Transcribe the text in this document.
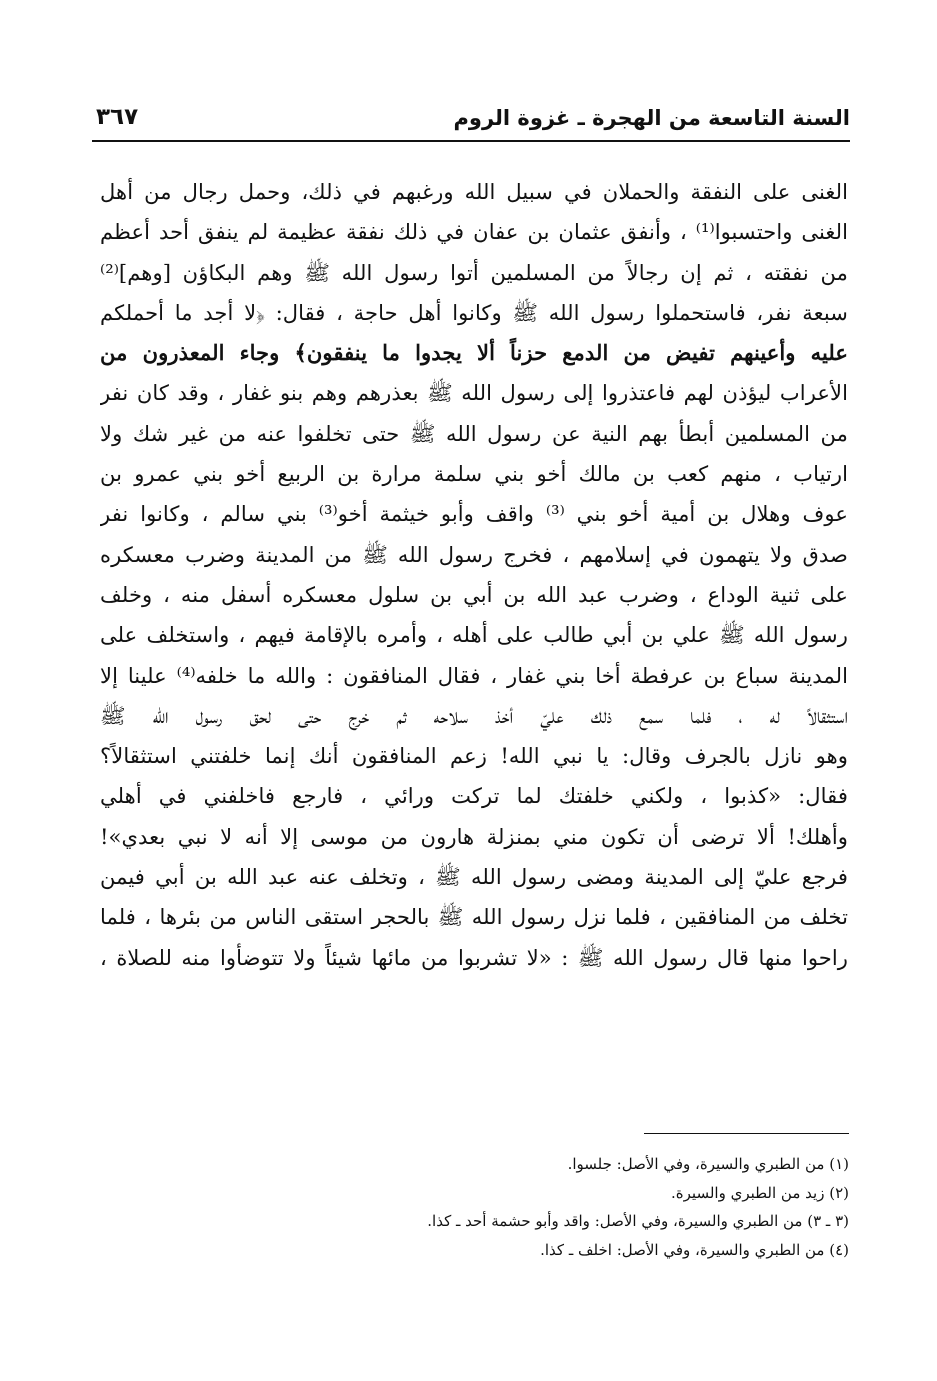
السنة التاسعة من الهجرة ـ غزوة الروم
٣٦٧
الغنى على النفقة والحملان في سبيل الله ورغبهم في ذلك، وحمل رجال من أهل
الغنى واحتسبوا⁽¹⁾ ، وأنفق عثمان بن عفان في ذلك نفقة عظيمة لم ينفق أحد أعظم
من نفقته ، ثم إن رجالاً من المسلمين أتوا رسول الله ﷺ وهم البكاؤن [وهم]⁽²⁾
سبعة نفر، فاستحملوا رسول الله ﷺ وكانوا أهل حاجة ، فقال: ﴿لا أجد ما أحملكم
عليه وأعينهم تفيض من الدمع حزناً ألا يجدوا ما ينفقون﴾ وجاء المعذرون من
الأعراب ليؤذن لهم فاعتذروا إلى رسول الله ﷺ بعذرهم وهم بنو غفار ، وقد كان نفر
من المسلمين أبطأ بهم النية عن رسول الله ﷺ حتى تخلفوا عنه من غير شك ولا
ارتياب ، منهم كعب بن مالك أخو بني سلمة مرارة بن الربيع أخو بني عمرو بن
عوف وهلال بن أمية أخو بني ⁽³⁾ واقف وأبو خيثمة أخو⁽³⁾ بني سالم ، وكانوا نفر
صدق ولا يتهمون في إسلامهم ، فخرج رسول الله ﷺ من المدينة وضرب معسكره
على ثنية الوداع ، وضرب عبد الله بن أبي بن سلول معسكره أسفل منه ، وخلف
رسول الله ﷺ علي بن أبي طالب على أهله ، وأمره بالإقامة فيهم ، واستخلف على
المدينة سباع بن عرفطة أخا بني غفار ، فقال المنافقون : والله ما خلفه⁽⁴⁾ علينا إلا
استثقالاً له ، فلما سمع ذلك عليّ أخذ سلاحه ثم خرج حتى لحق رسول الله ﷺ
وهو نازل بالجرف وقال: يا نبي الله! زعم المنافقون أنك إنما خلفتني استثقالاً؟
فقال: «كذبوا ، ولكني خلفتك لما تركت ورائي ، فارجع فاخلفني في أهلي
وأهلك! ألا ترضى أن تكون مني بمنزلة هارون من موسى إلا أنه لا نبي بعدي»!
فرجع عليّ إلى المدينة ومضى رسول الله ﷺ ، وتخلف عنه عبد الله بن أبي فيمن
تخلف من المنافقين ، فلما نزل رسول الله ﷺ بالحجر استقى الناس من بئرها ، فلما
راحوا منها قال رسول الله ﷺ : «لا تشربوا من مائها شيئاً ولا تتوضأوا منه للصلاة ،
(١) من الطبري والسيرة، وفي الأصل: جلسوا.
(٢) زيد من الطبري والسيرة.
(٣ ـ ٣) من الطبري والسيرة، وفي الأصل: واقد وأبو حشمة أحد ـ كذا.
(٤) من الطبري والسيرة، وفي الأصل: اخلف ـ كذا.
